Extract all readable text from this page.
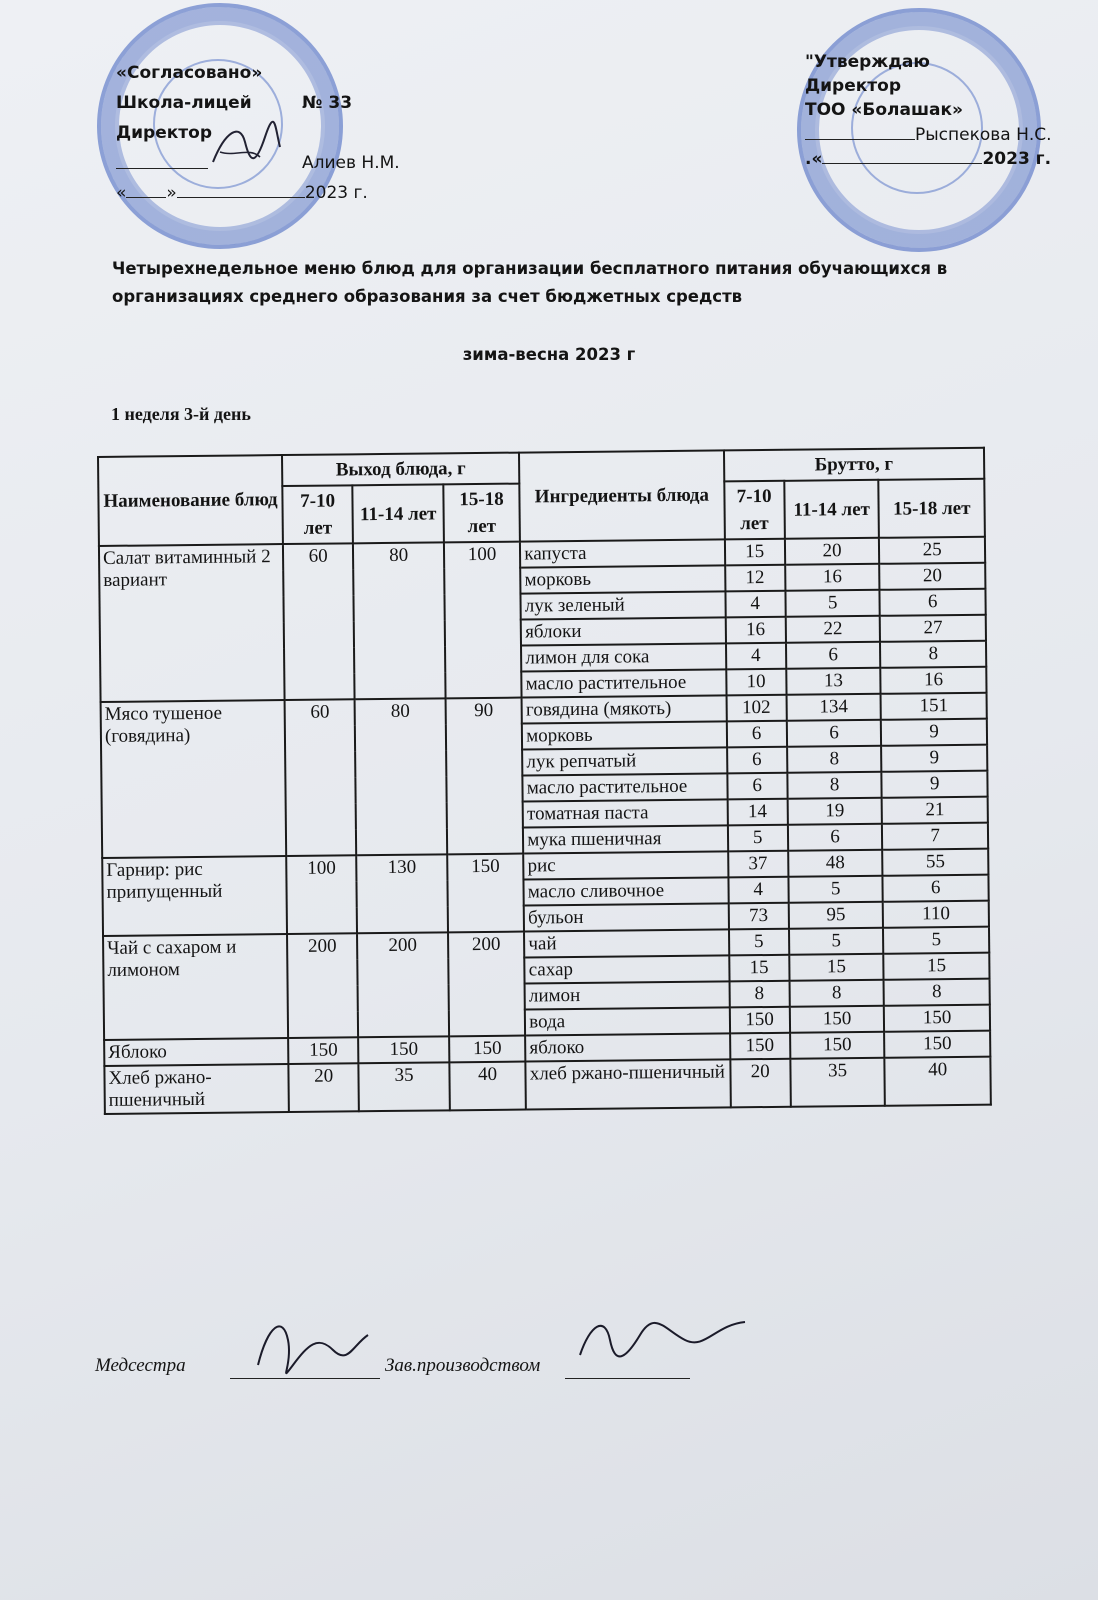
«Согласовано»
Школа-лицей	№ 33
Директор
Алиев Н.М.
« »	2023 г.
"Утверждаю
Директор
ТОО «Болашак»
Рыспекова Н.С.
.«	2023 г.
Четырехнедельное меню блюд для организации бесплатного питания обучающихся в организациях среднего образования за счет бюджетных средств
зима-весна 2023 г
1 неделя 3-й день
Наименование блюд	Выход блюда, г			Ингредиенты блюда	Брутто, г		
	7-10 лет	11-14 лет	15-18 лет		7-10 лет	11-14 лет	15-18 лет
Салат витаминный 2 вариант	60	80	100	капуста	15	20	25
				морковь	12	16	20
				лук зеленый	4	5	6
				яблоки	16	22	27
				лимон для сока	4	6	8
				масло растительное	10	13	16
Мясо тушеное (говядина)	60	80	90	говядина (мякоть)	102	134	151
				морковь	6	6	9
				лук репчатый	6	8	9
				масло растительное	6	8	9
				томатная паста	14	19	21
				мука пшеничная	5	6	7
Гарнир: рис припущенный	100	130	150	рис	37	48	55
				масло сливочное	4	5	6
				бульон	73	95	110
Чай с сахаром и лимоном	200	200	200	чай	5	5	5
				сахар	15	15	15
				лимон	8	8	8
				вода	150	150	150
Яблоко	150	150	150	яблоко	150	150	150
Хлеб ржано-пшеничный	20	35	40	хлеб ржано-пшеничный	20	35	40
Медсестра	Зав.производством
